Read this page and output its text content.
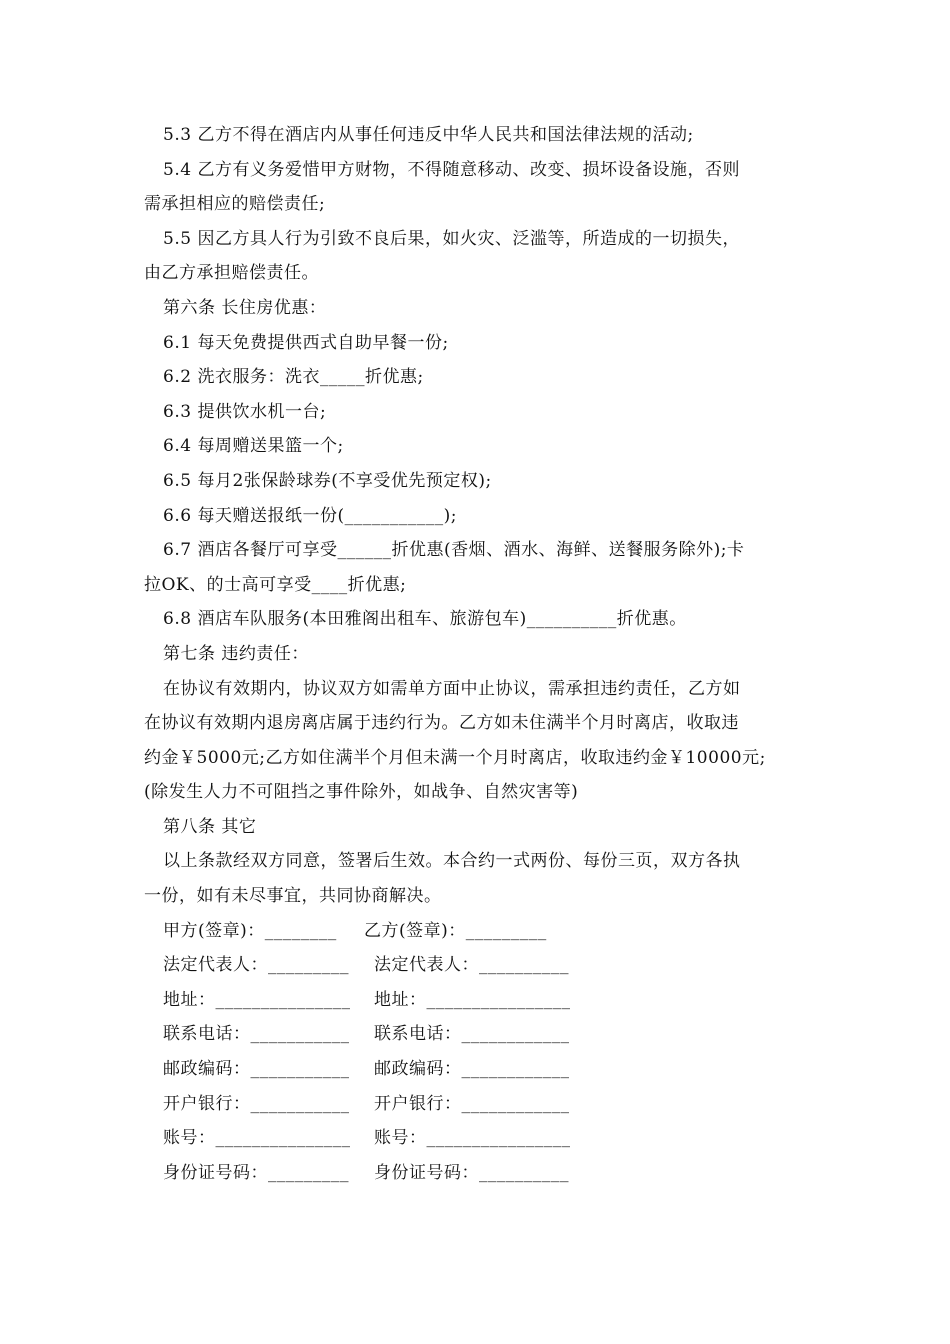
5.3 乙方不得在酒店内从事任何违反中华人民共和国法律法规的活动;

5.4 乙方有义务爱惜甲方财物，不得随意移动、改变、损坏设备设施，否则

需承担相应的赔偿责任;

5.5 因乙方具人行为引致不良后果，如火灾、泛滥等，所造成的一切损失，

由乙方承担赔偿责任。

第六条 长住房优惠：

6.1 每天免费提供西式自助早餐一份;

6.2 洗衣服务：洗衣_____折优惠;

6.3 提供饮水机一台;

6.4 每周赠送果篮一个;

6.5 每月2张保龄球券(不享受优先预定权);

6.6 每天赠送报纸一份(___________);

6.7 酒店各餐厅可享受______折优惠(香烟、酒水、海鲜、送餐服务除外);卡

拉OK、的士高可享受____折优惠;

6.8 酒店车队服务(本田雅阁出租车、旅游包车)__________折优惠。

第七条 违约责任：

在协议有效期内，协议双方如需单方面中止协议，需承担违约责任，乙方如

在协议有效期内退房离店属于违约行为。乙方如未住满半个月时离店，收取违

约金￥5000元;乙方如住满半个月但未满一个月时离店，收取违约金￥10000元;

(除发生人力不可阻挡之事件除外，如战争、自然灾害等)

第八条 其它

以上条款经双方同意，签署后生效。本合约一式两份、每份三页，双方各执

一份，如有未尽事宜，共同协商解决。

甲方(签章)：________ 乙方(签章)：_________
法定代表人：_________ 法定代表人：__________
地址：_______________ 地址：________________
联系电话：___________ 联系电话：____________
邮政编码：___________ 邮政编码：____________
开户银行：___________ 开户银行：____________
账号：_______________ 账号：________________
身份证号码：_________ 身份证号码：__________
